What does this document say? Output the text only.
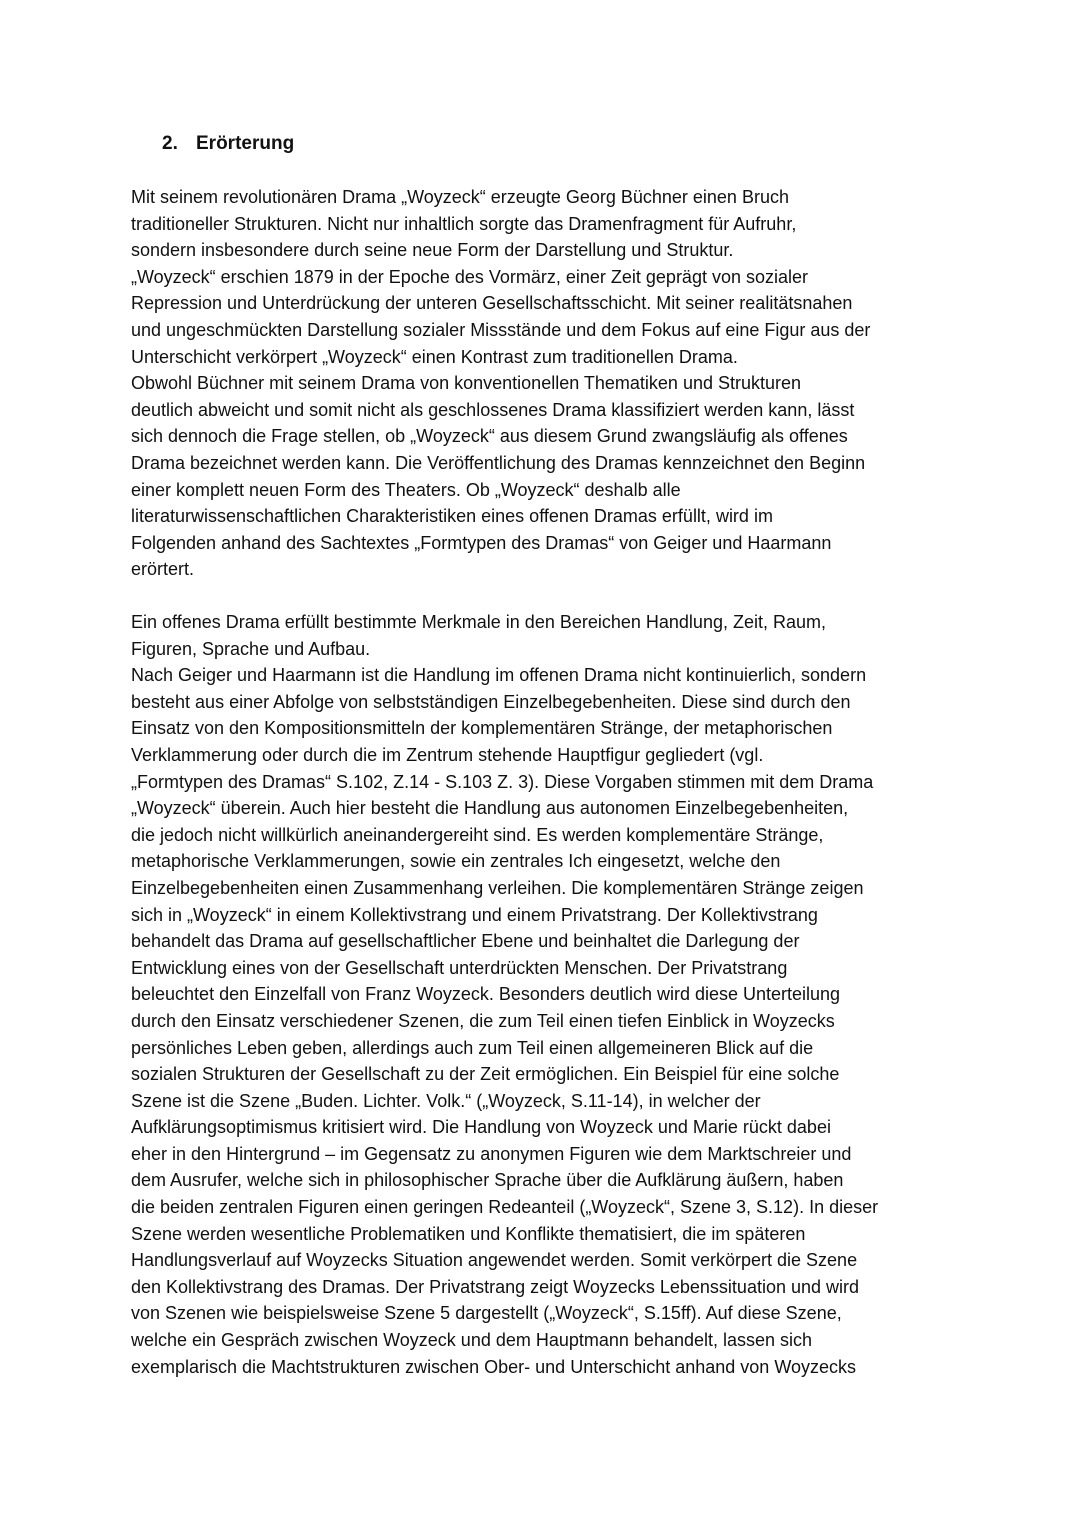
2. Erörterung
Mit seinem revolutionären Drama „Woyzeck“ erzeugte Georg Büchner einen Bruch
traditioneller Strukturen. Nicht nur inhaltlich sorgte das Dramenfragment für Aufruhr,
sondern insbesondere durch seine neue Form der Darstellung und Struktur.
„Woyzeck“ erschien 1879 in der Epoche des Vormärz, einer Zeit geprägt von sozialer
Repression und Unterdrückung der unteren Gesellschaftsschicht. Mit seiner realitätsnahen
und ungeschmückten Darstellung sozialer Missstände und dem Fokus auf eine Figur aus der
Unterschicht verkörpert „Woyzeck“ einen Kontrast zum traditionellen Drama.
Obwohl Büchner mit seinem Drama von konventionellen Thematiken und Strukturen
deutlich abweicht und somit nicht als geschlossenes Drama klassifiziert werden kann, lässt
sich dennoch die Frage stellen, ob „Woyzeck“ aus diesem Grund zwangsläufig als offenes
Drama bezeichnet werden kann. Die Veröffentlichung des Dramas kennzeichnet den Beginn
einer komplett neuen Form des Theaters. Ob „Woyzeck“ deshalb alle
literaturwissenschaftlichen Charakteristiken eines offenen Dramas erfüllt, wird im
Folgenden anhand des Sachtextes „Formtypen des Dramas“ von Geiger und Haarmann
erörtert.
Ein offenes Drama erfüllt bestimmte Merkmale in den Bereichen Handlung, Zeit, Raum,
Figuren, Sprache und Aufbau.
Nach Geiger und Haarmann ist die Handlung im offenen Drama nicht kontinuierlich, sondern
besteht aus einer Abfolge von selbstständigen Einzelbegebenheiten. Diese sind durch den
Einsatz von den Kompositionsmitteln der komplementären Stränge, der metaphorischen
Verklammerung oder durch die im Zentrum stehende Hauptfigur gegliedert (vgl.
„Formtypen des Dramas“ S.102, Z.14 - S.103 Z. 3). Diese Vorgaben stimmen mit dem Drama
„Woyzeck“ überein. Auch hier besteht die Handlung aus autonomen Einzelbegebenheiten,
die jedoch nicht willkürlich aneinandergereiht sind. Es werden komplementäre Stränge,
metaphorische Verklammerungen, sowie ein zentrales Ich eingesetzt, welche den
Einzelbegebenheiten einen Zusammenhang verleihen. Die komplementären Stränge zeigen
sich in „Woyzeck“ in einem Kollektivstrang und einem Privatstrang. Der Kollektivstrang
behandelt das Drama auf gesellschaftlicher Ebene und beinhaltet die Darlegung der
Entwicklung eines von der Gesellschaft unterdrückten Menschen. Der Privatstrang
beleuchtet den Einzelfall von Franz Woyzeck. Besonders deutlich wird diese Unterteilung
durch den Einsatz verschiedener Szenen, die zum Teil einen tiefen Einblick in Woyzecks
persönliches Leben geben, allerdings auch zum Teil einen allgemeineren Blick auf die
sozialen Strukturen der Gesellschaft zu der Zeit ermöglichen. Ein Beispiel für eine solche
Szene ist die Szene „Buden. Lichter. Volk.“ („Woyzeck, S.11-14), in welcher der
Aufklärungsoptimismus kritisiert wird. Die Handlung von Woyzeck und Marie rückt dabei
eher in den Hintergrund – im Gegensatz zu anonymen Figuren wie dem Marktschreier und
dem Ausrufer, welche sich in philosophischer Sprache über die Aufklärung äußern, haben
die beiden zentralen Figuren einen geringen Redeanteil („Woyzeck“, Szene 3, S.12). In dieser
Szene werden wesentliche Problematiken und Konflikte thematisiert, die im späteren
Handlungsverlauf auf Woyzecks Situation angewendet werden. Somit verkörpert die Szene
den Kollektivstrang des Dramas. Der Privatstrang zeigt Woyzecks Lebenssituation und wird
von Szenen wie beispielsweise Szene 5 dargestellt („Woyzeck“, S.15ff). Auf diese Szene,
welche ein Gespräch zwischen Woyzeck und dem Hauptmann behandelt, lassen sich
exemplarisch die Machtstrukturen zwischen Ober- und Unterschicht anhand von Woyzecks
